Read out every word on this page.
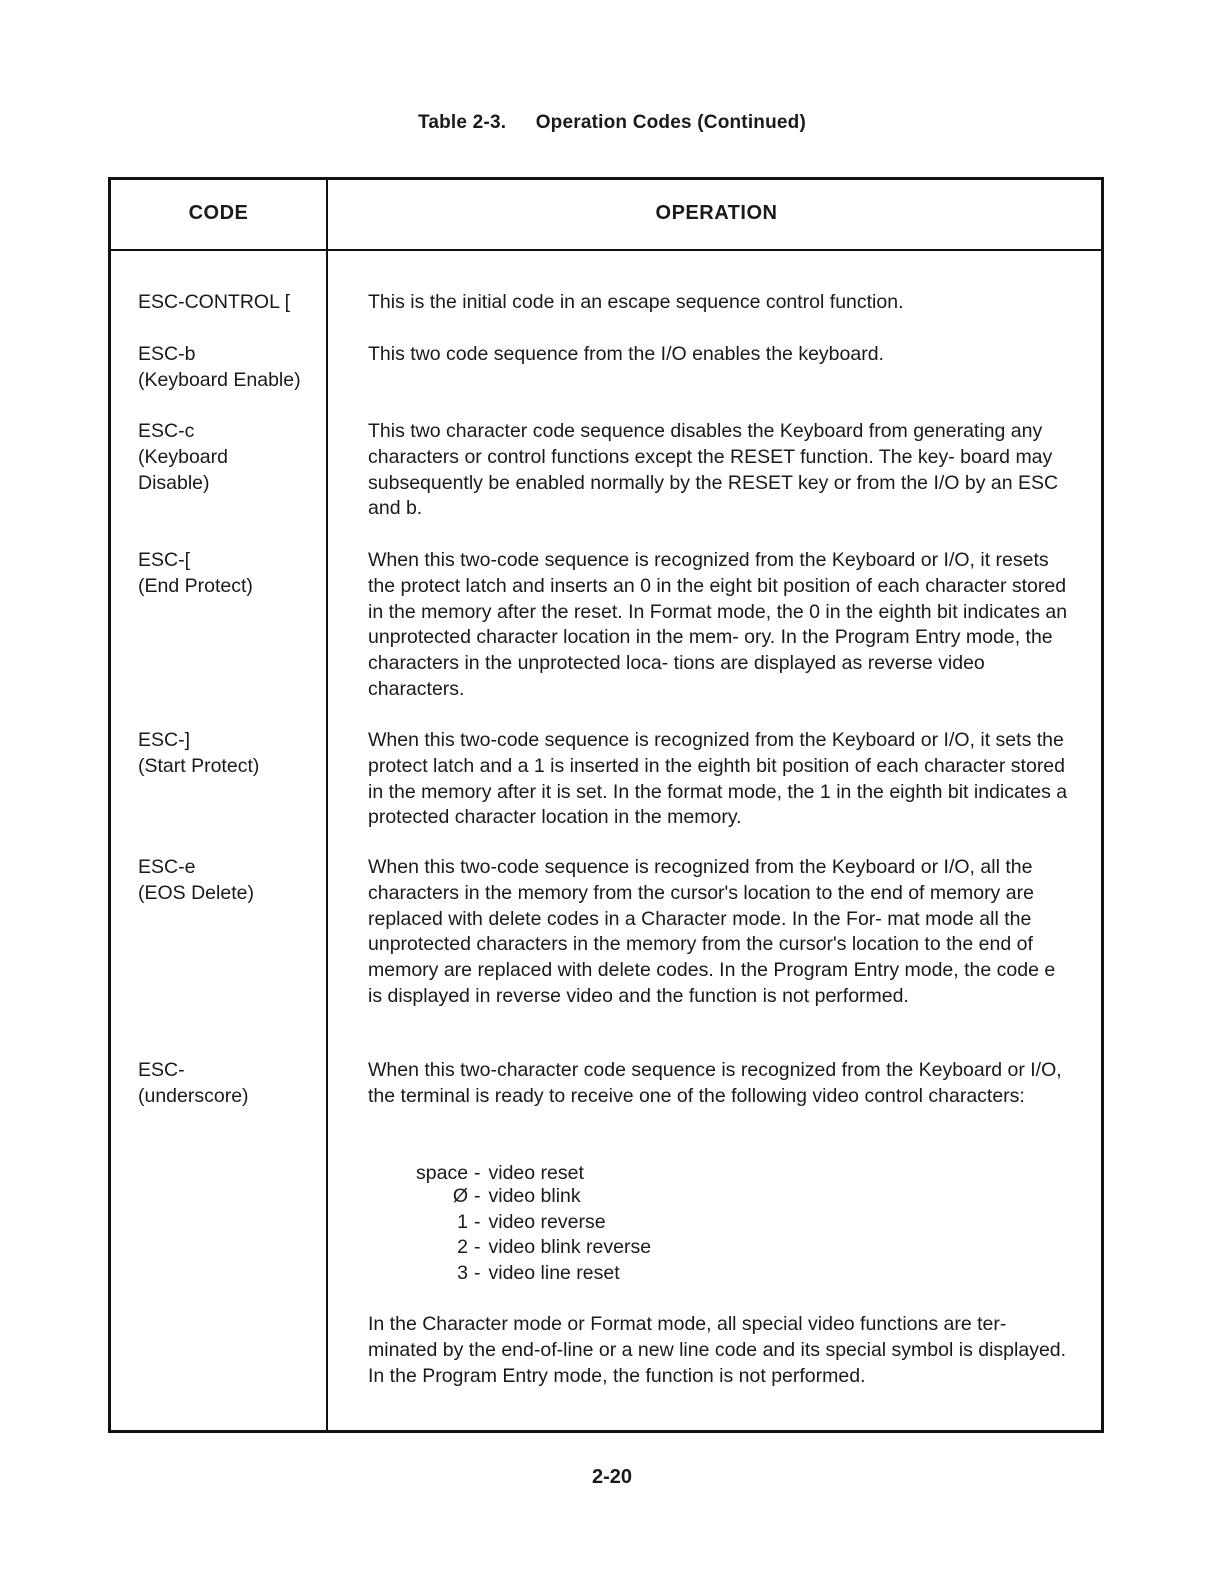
Table 2-3. Operation Codes (Continued)
CODE	OPERATION
ESC-CONTROL [	This is the initial code in an escape sequence control function.
ESC-b
(Keyboard Enable)
This two code sequence from the I/O enables the keyboard.
ESC-c
(Keyboard
Disable)
This two character code sequence disables the Keyboard from generating any characters or control functions except the RESET function. The key- board may subsequently be enabled normally by the RESET key or from the I/O by an ESC and b.
ESC-[
(End Protect)
When this two-code sequence is recognized from the Keyboard or I/O, it resets the protect latch and inserts an 0 in the eight bit position of each character stored in the memory after the reset. In Format mode, the 0 in the eighth bit indicates an unprotected character location in the mem- ory. In the Program Entry mode, the characters in the unprotected loca- tions are displayed as reverse video characters.
ESC-]
(Start Protect)
When this two-code sequence is recognized from the Keyboard or I/O, it sets the protect latch and a 1 is inserted in the eighth bit position of each character stored in the memory after it is set. In the format mode, the 1 in the eighth bit indicates a protected character location in the memory.
ESC-e
(EOS Delete)
When this two-code sequence is recognized from the Keyboard or I/O, all the characters in the memory from the cursor's location to the end of memory are replaced with delete codes in a Character mode. In the For- mat mode all the unprotected characters in the memory from the cursor's location to the end of memory are replaced with delete codes. In the Program Entry mode, the code e is displayed in reverse video and the function is not performed.
ESC-
(underscore)
When this two-character code sequence is recognized from the Keyboard or I/O, the terminal is ready to receive one of the following video control characters:
space - video reset
Ø - video blink
1 - video reverse
2 - video blink reverse
3 - video line reset
In the Character mode or Format mode, all special video functions are ter- minated by the end-of-line or a new line code and its special symbol is displayed. In the Program Entry mode, the function is not performed.
2-20
